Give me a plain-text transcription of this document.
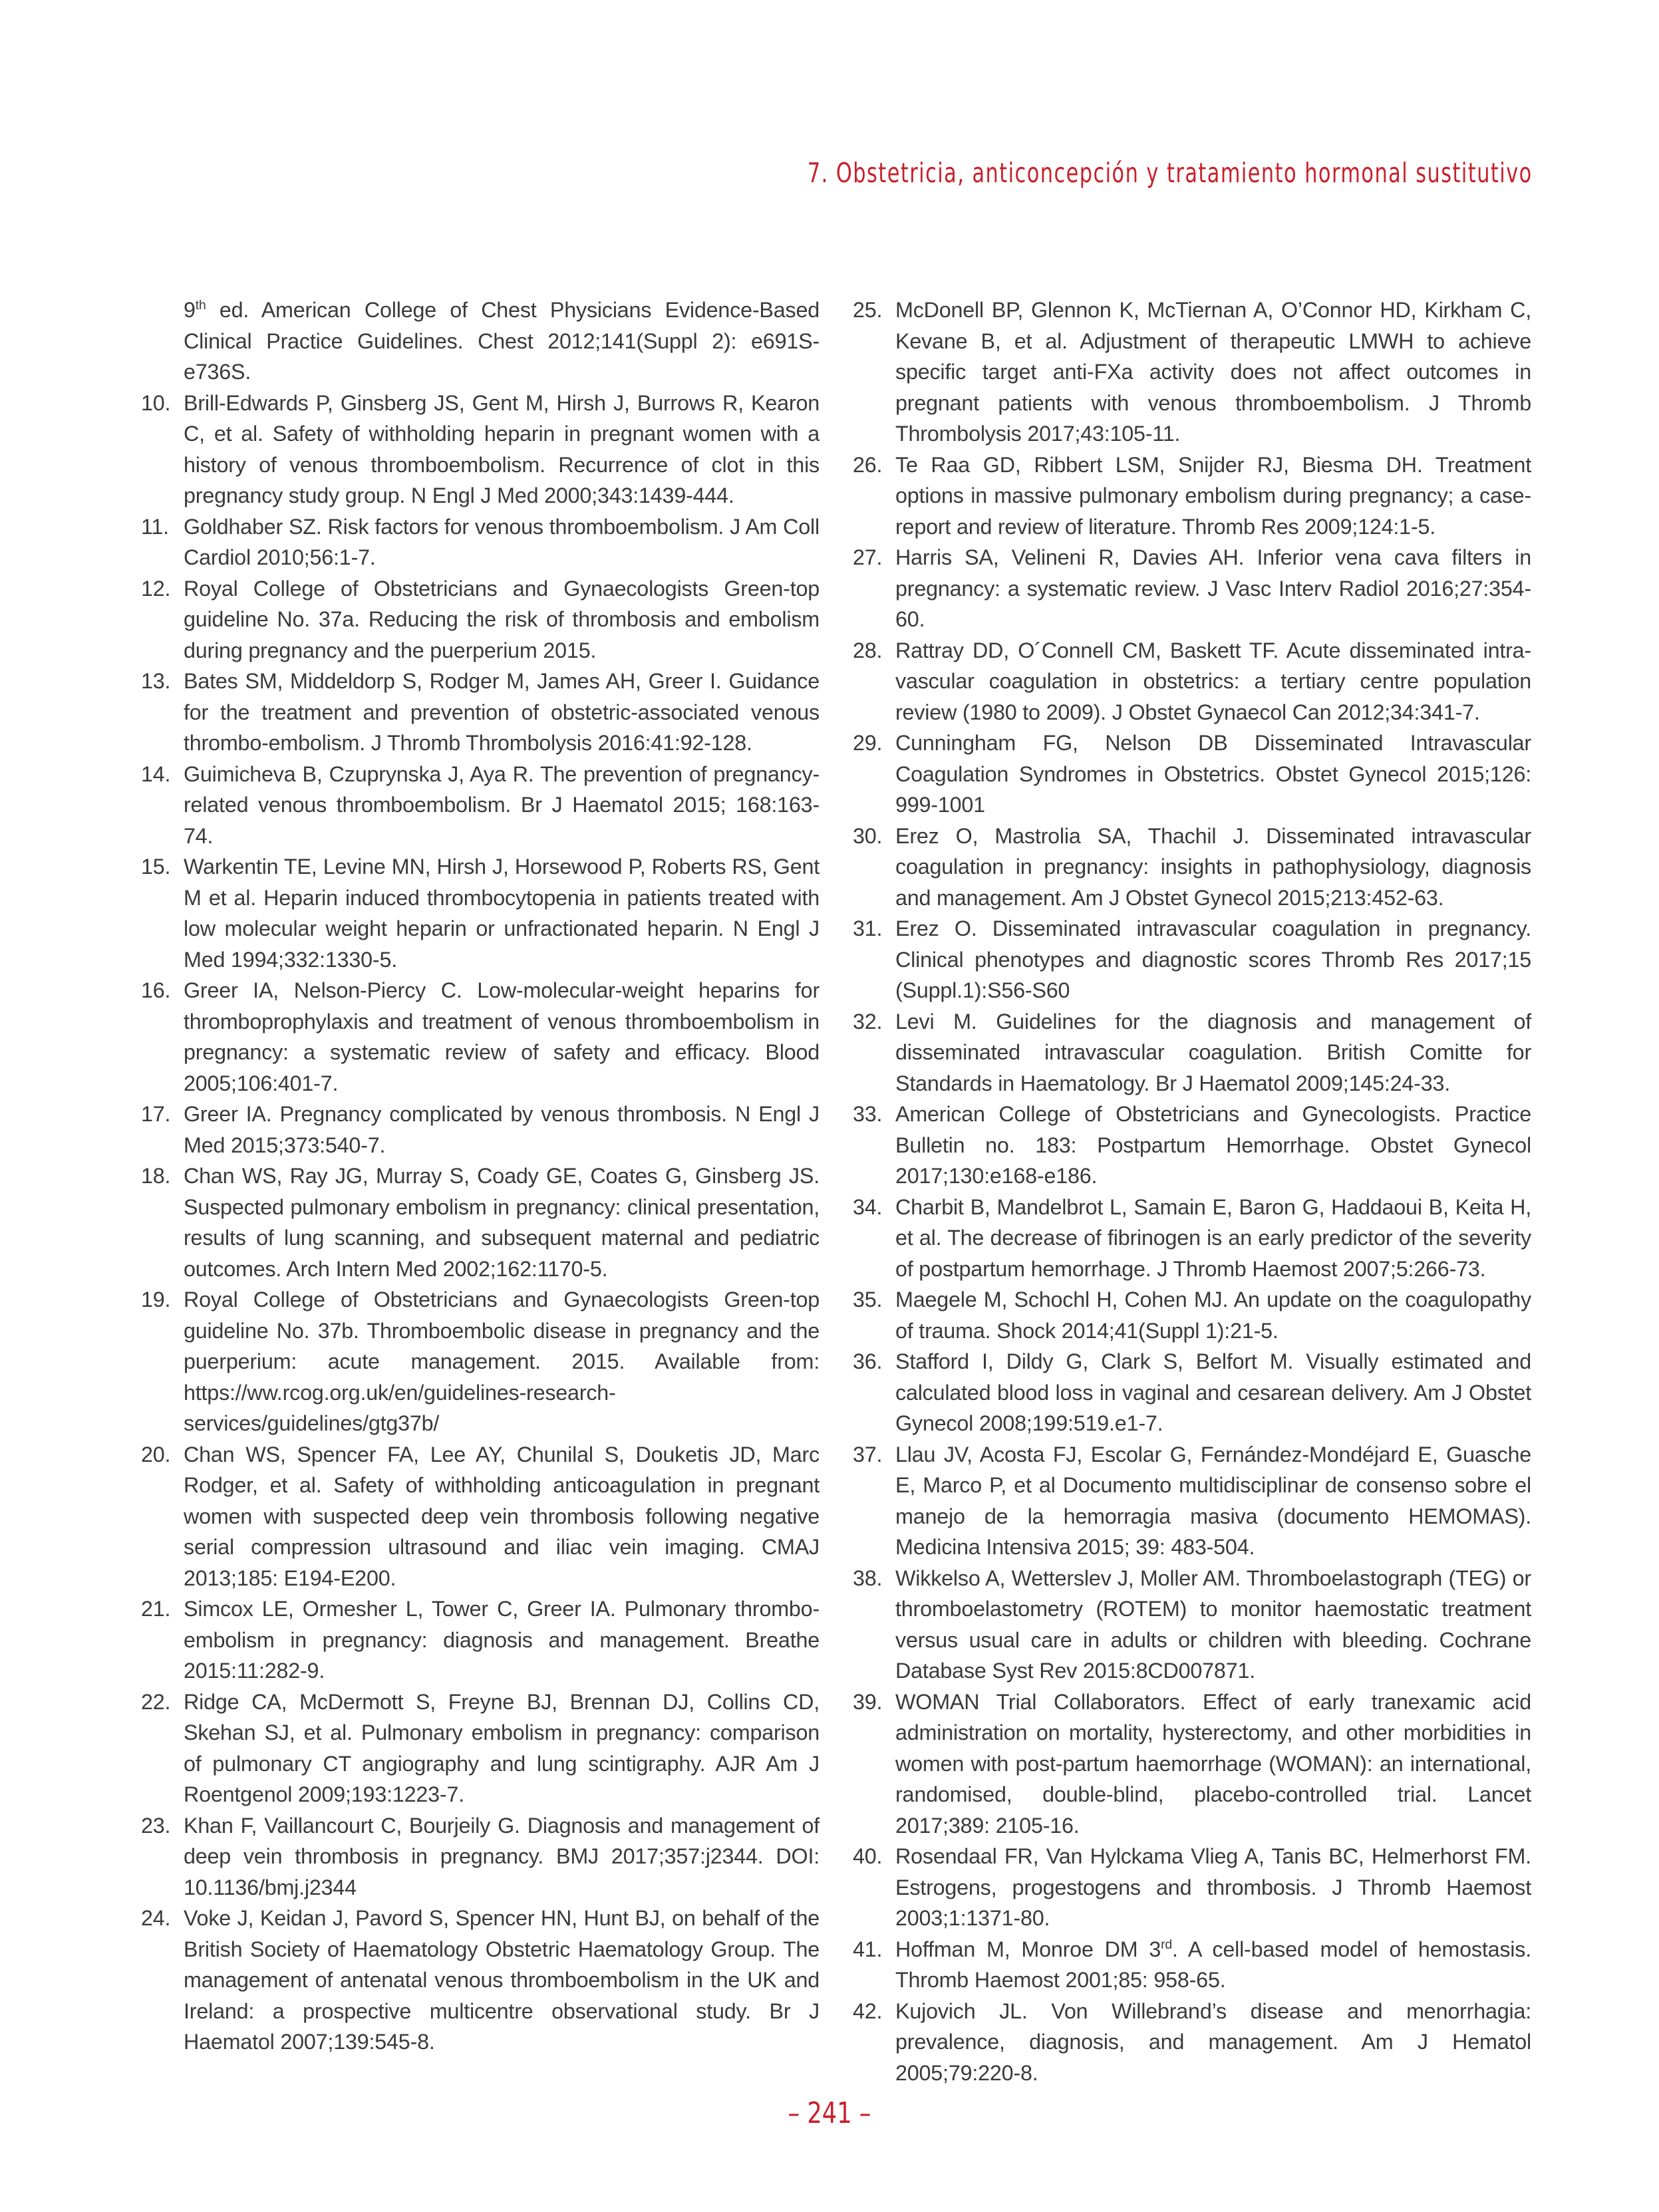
7. Obstetricia, anticoncepción y tratamiento hormonal sustitutivo
9th ed. American College of Chest Physicians Evidence-Based Clinical Practice Guidelines. Chest 2012;141(Suppl 2): e691S-e736S.
10. Brill-Edwards P, Ginsberg JS, Gent M, Hirsh J, Burrows R, Kearon C, et al. Safety of withholding heparin in pregnant women with a history of venous thromboembolism. Recurrence of clot in this pregnancy study group. N Engl J Med 2000;343:1439-444.
11. Goldhaber SZ. Risk factors for venous thromboembolism. J Am Coll Cardiol 2010;56:1-7.
12. Royal College of Obstetricians and Gynaecologists Green-top guideline No. 37a. Reducing the risk of thrombosis and embolism during pregnancy and the puerperium 2015.
13. Bates SM, Middeldorp S, Rodger M, James AH, Greer I. Guidance for the treatment and prevention of obstetric-associated venous thrombo-embolism. J Thromb Thrombolysis 2016:41:92-128.
14. Guimicheva B, Czuprynska J, Aya R. The prevention of pregnancy-related venous thromboembolism. Br J Haematol 2015; 168:163-74.
15. Warkentin TE, Levine MN, Hirsh J, Horsewood P, Roberts RS, Gent M et al. Heparin induced thrombocytopenia in patients treated with low molecular weight heparin or unfractionated heparin. N Engl J Med 1994;332:1330-5.
16. Greer IA, Nelson-Piercy C. Low-molecular-weight heparins for thromboprophylaxis and treatment of venous thromboembolism in pregnancy: a systematic review of safety and efficacy. Blood 2005;106:401-7.
17. Greer IA. Pregnancy complicated by venous thrombosis. N Engl J Med 2015;373:540-7.
18. Chan WS, Ray JG, Murray S, Coady GE, Coates G, Ginsberg JS. Suspected pulmonary embolism in pregnancy: clinical presentation, results of lung scanning, and subsequent maternal and pediatric outcomes. Arch Intern Med 2002;162:1170-5.
19. Royal College of Obstetricians and Gynaecologists Green-top guideline No. 37b. Thromboembolic disease in pregnancy and the puerperium: acute management. 2015. Available from: https://ww.rcog.org.uk/en/guidelines-research-services/guidelines/gtg37b/
20. Chan WS, Spencer FA, Lee AY, Chunilal S, Douketis JD, Marc Rodger, et al. Safety of withholding anticoagulation in pregnant women with suspected deep vein thrombosis following negative serial compression ultrasound and iliac vein imaging. CMAJ 2013;185: E194-E200.
21. Simcox LE, Ormesher L, Tower C, Greer IA. Pulmonary thrombo-embolism in pregnancy: diagnosis and management. Breathe 2015:11:282-9.
22. Ridge CA, McDermott S, Freyne BJ, Brennan DJ, Collins CD, Skehan SJ, et al. Pulmonary embolism in pregnancy: comparison of pulmonary CT angiography and lung scintigraphy. AJR Am J Roentgenol 2009;193:1223-7.
23. Khan F, Vaillancourt C, Bourjeily G. Diagnosis and management of deep vein thrombosis in pregnancy. BMJ 2017;357:j2344. DOI: 10.1136/bmj.j2344
24. Voke J, Keidan J, Pavord S, Spencer HN, Hunt BJ, on behalf of the British Society of Haematology Obstetric Haematology Group. The management of antenatal venous thromboembolism in the UK and Ireland: a prospective multicentre observational study. Br J Haematol 2007;139:545-8.
25. McDonell BP, Glennon K, McTiernan A, O’Connor HD, Kirkham C, Kevane B, et al. Adjustment of therapeutic LMWH to achieve specific target anti-FXa activity does not affect outcomes in pregnant patients with venous thromboembolism. J Thromb Thrombolysis 2017;43:105-11.
26. Te Raa GD, Ribbert LSM, Snijder RJ, Biesma DH. Treatment options in massive pulmonary embolism during pregnancy; a case-report and review of literature. Thromb Res 2009;124:1-5.
27. Harris SA, Velineni R, Davies AH. Inferior vena cava filters in pregnancy: a systematic review. J Vasc Interv Radiol 2016;27:354-60.
28. Rattray DD, O´Connell CM, Baskett TF. Acute disseminated intra-vascular coagulation in obstetrics: a tertiary centre population review (1980 to 2009). J Obstet Gynaecol Can 2012;34:341-7.
29. Cunningham FG, Nelson DB Disseminated Intravascular Coagulation Syndromes in Obstetrics. Obstet Gynecol 2015;126: 999-1001
30. Erez O, Mastrolia SA, Thachil J. Disseminated intravascular coagulation in pregnancy: insights in pathophysiology, diagnosis and management. Am J Obstet Gynecol 2015;213:452-63.
31. Erez O. Disseminated intravascular coagulation in pregnancy. Clinical phenotypes and diagnostic scores Thromb Res 2017;15 (Suppl.1):S56-S60
32. Levi M. Guidelines for the diagnosis and management of disseminated intravascular coagulation. British Comitte for Standards in Haematology. Br J Haematol 2009;145:24-33.
33. American College of Obstetricians and Gynecologists. Practice Bulletin no. 183: Postpartum Hemorrhage. Obstet Gynecol 2017;130:e168-e186.
34. Charbit B, Mandelbrot L, Samain E, Baron G, Haddaoui B, Keita H, et al. The decrease of fibrinogen is an early predictor of the severity of postpartum hemorrhage. J Thromb Haemost 2007;5:266-73.
35. Maegele M, Schochl H, Cohen MJ. An update on the coagulopathy of trauma. Shock 2014;41(Suppl 1):21-5.
36. Stafford I, Dildy G, Clark S, Belfort M. Visually estimated and calculated blood loss in vaginal and cesarean delivery. Am J Obstet Gynecol 2008;199:519.e1-7.
37. Llau JV, Acosta FJ, Escolar G, Fernández-Mondéjard E, Guasche E, Marco P, et al Documento multidisciplinar de consenso sobre el manejo de la hemorragia masiva (documento HEMOMAS). Medicina Intensiva 2015; 39: 483-504.
38. Wikkelso A, Wetterslev J, Moller AM. Thromboelastograph (TEG) or thromboelastometry (ROTEM) to monitor haemostatic treatment versus usual care in adults or children with bleeding. Cochrane Database Syst Rev 2015:8CD007871.
39. WOMAN Trial Collaborators. Effect of early tranexamic acid administration on mortality, hysterectomy, and other morbidities in women with post-partum haemorrhage (WOMAN): an international, randomised, double-blind, placebo-controlled trial. Lancet 2017;389: 2105-16.
40. Rosendaal FR, Van Hylckama Vlieg A, Tanis BC, Helmerhorst FM. Estrogens, progestogens and thrombosis. J Thromb Haemost 2003;1:1371-80.
41. Hoffman M, Monroe DM 3rd. A cell-based model of hemostasis. Thromb Haemost 2001;85: 958-65.
42. Kujovich JL. Von Willebrand’s disease and menorrhagia: prevalence, diagnosis, and management. Am J Hematol 2005;79:220-8.
– 241 –
